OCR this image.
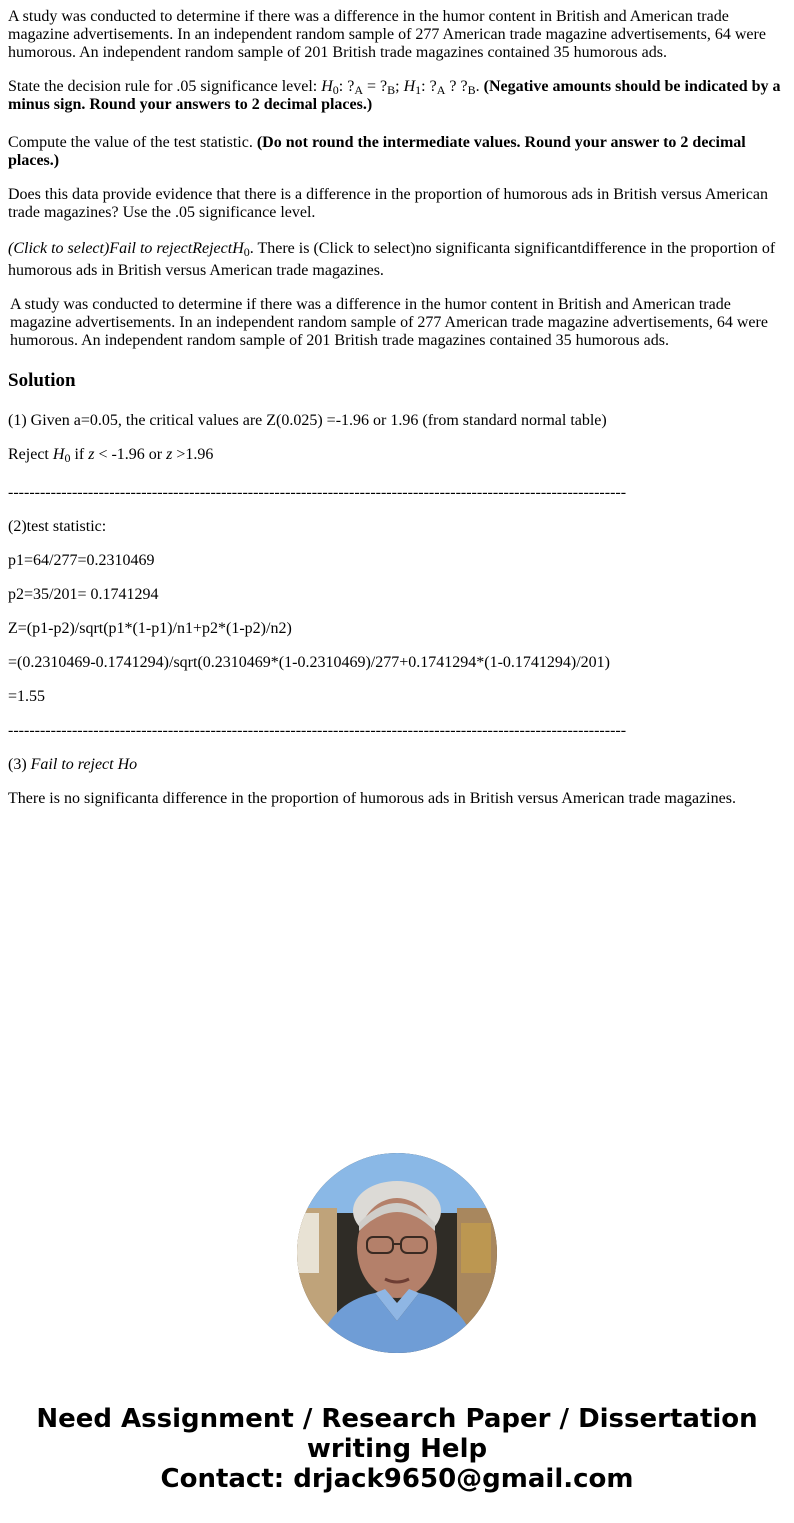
A study was conducted to determine if there was a difference in the humor content in British and American trade magazine advertisements. In an independent random sample of 277 American trade magazine advertisements, 64 were humorous. An independent random sample of 201 British trade magazines contained 35 humorous ads.

State the decision rule for .05 significance level: $H_0$: $?_A$ = $?_B$; $H_1$: $?_A$ ? $?_B$. (Negative amounts should be indicated by a minus sign. Round your answers to 2 decimal places.)

Compute the value of the test statistic. (Do not round the intermediate values. Round your answer to 2 decimal places.)

Does this data provide evidence that there is a difference in the proportion of humorous ads in British versus American trade magazines? Use the .05 significance level.

(Click to select)Fail to rejectRejectH$_0$. There is (Click to select)no significanta significantdifference in the proportion of humorous ads in British versus American trade magazines.

A study was conducted to determine if there was a difference in the humor content in British and American trade magazine advertisements. In an independent random sample of 277 American trade magazine advertisements, 64 were humorous. An independent random sample of 201 British trade magazines contained 35 humorous ads.

Solution

(1) Given a=0.05, the critical values are Z(0.025) =-1.96 or 1.96 (from standard normal table)

Reject $H_0$ if z < -1.96 or z >1.96

--------------------------------------------------------------------------------------------------------------------

(2)test statistic:

p1=64/277=0.2310469

p2=35/201= 0.1741294

Z=(p1-p2)/sqrt(p1*(1-p1)/n1+p2*(1-p2)/n2)

=(0.2310469-0.1741294)/sqrt(0.2310469*(1-0.2310469)/277+0.1741294*(1-0.1741294)/201)

=1.55

--------------------------------------------------------------------------------------------------------------------

(3) Fail to reject Ho

There is no significanta difference in the proportion of humorous ads in British versus American trade magazines.

Need Assignment / Research Paper / Dissertation
writing Help
Contact: drjack9650@gmail.com
